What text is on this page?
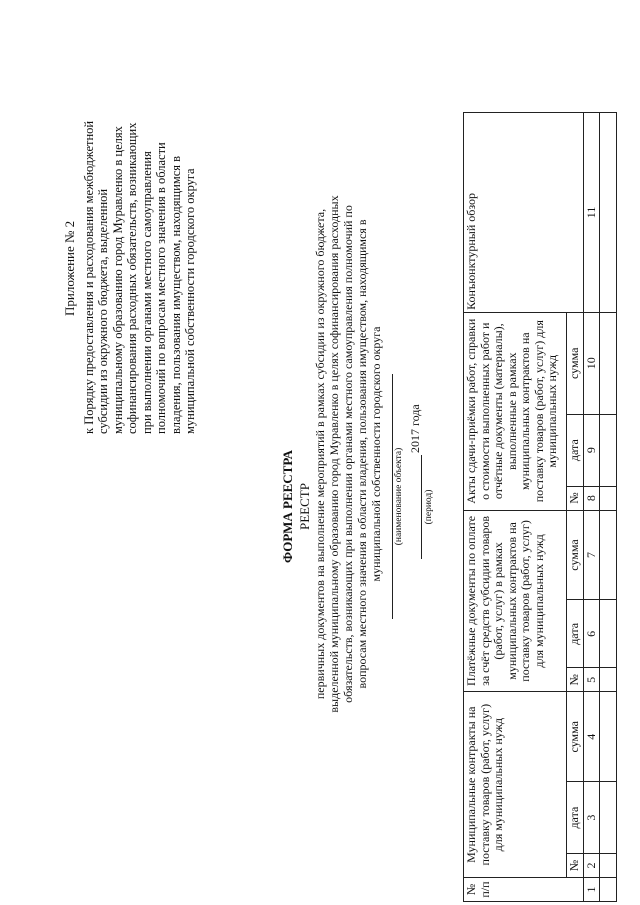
Приложение № 2 к Порядку предоставления и расходования межбюджетной субсидии из окружного бюджета, выделенной муниципальному образованию город Муравленко в целях софинансирования расходных обязательств, возникающих при выполнении органами местного самоуправления полномочий по вопросам местного значения в области владения, пользования имуществом, находящимся в муниципальной собственности городского округа
ФОРМА РЕЕСТРА РЕЕСТР первичных документов на выполнение мероприятий в рамках субсидии из окружного бюджета, выделенной муниципальному образованию город Муравленко в целях софинансирования расходных обязательств, возникающих при выполнении органами местного самоуправления полномочий по вопросам местного значения в области владения, пользования имуществом, находящимся в муниципальной собственности городского округа (наименование объекта)
2017 года
(период)
№ п/п	Муниципальные контракты на поставку товаров (работ, услуг) для муниципальных нужд			Платёжные документы по оплате за счёт средств субсидии товаров (работ, услуг) в рамках муниципальных контрактов на поставку товаров (работ, услуг) для муниципальных нужд			Акты сдачи-приёмки работ, справки о стоимости выполненных работ и отчётные документы (материалы), выполненные в рамках муниципальных контрактов на поставку товаров (работ, услуг) для муниципальных нужд			Конъюнктурный обзор
	№	дата	сумма	№	дата	сумма	№	дата	сумма	
1	2	3	4	5	6	7	8	9	10	11
